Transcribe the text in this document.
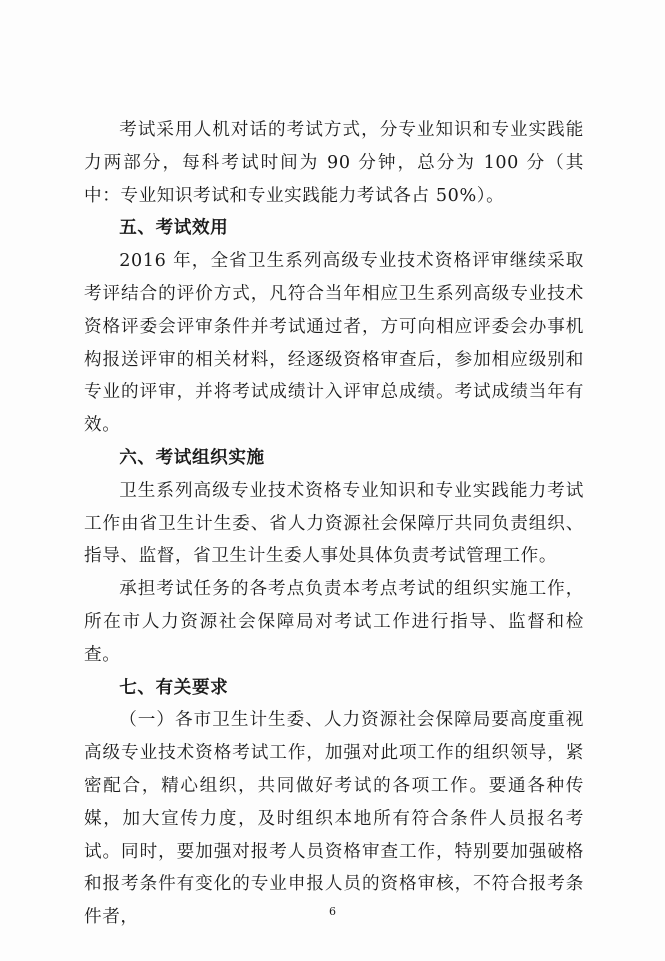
考试采用人机对话的考试方式，分专业知识和专业实践能力两部分，每科考试时间为 90 分钟，总分为 100 分（其中：专业知识考试和专业实践能力考试各占 50%）。

五、考试效用

2016 年，全省卫生系列高级专业技术资格评审继续采取考评结合的评价方式，凡符合当年相应卫生系列高级专业技术资格评委会评审条件并考试通过者，方可向相应评委会办事机构报送评审的相关材料，经逐级资格审查后，参加相应级别和专业的评审，并将考试成绩计入评审总成绩。考试成绩当年有效。

六、考试组织实施

卫生系列高级专业技术资格专业知识和专业实践能力考试工作由省卫生计生委、省人力资源社会保障厅共同负责组织、指导、监督，省卫生计生委人事处具体负责考试管理工作。

承担考试任务的各考点负责本考点考试的组织实施工作，所在市人力资源社会保障局对考试工作进行指导、监督和检查。

七、有关要求

（一）各市卫生计生委、人力资源社会保障局要高度重视高级专业技术资格考试工作，加强对此项工作的组织领导，紧密配合，精心组织，共同做好考试的各项工作。要通各种传媒，加大宣传力度，及时组织本地所有符合条件人员报名考试。同时，要加强对报考人员资格审查工作，特别要加强破格和报考条件有变化的专业申报人员的资格审核，不符合报考条件者，	6
